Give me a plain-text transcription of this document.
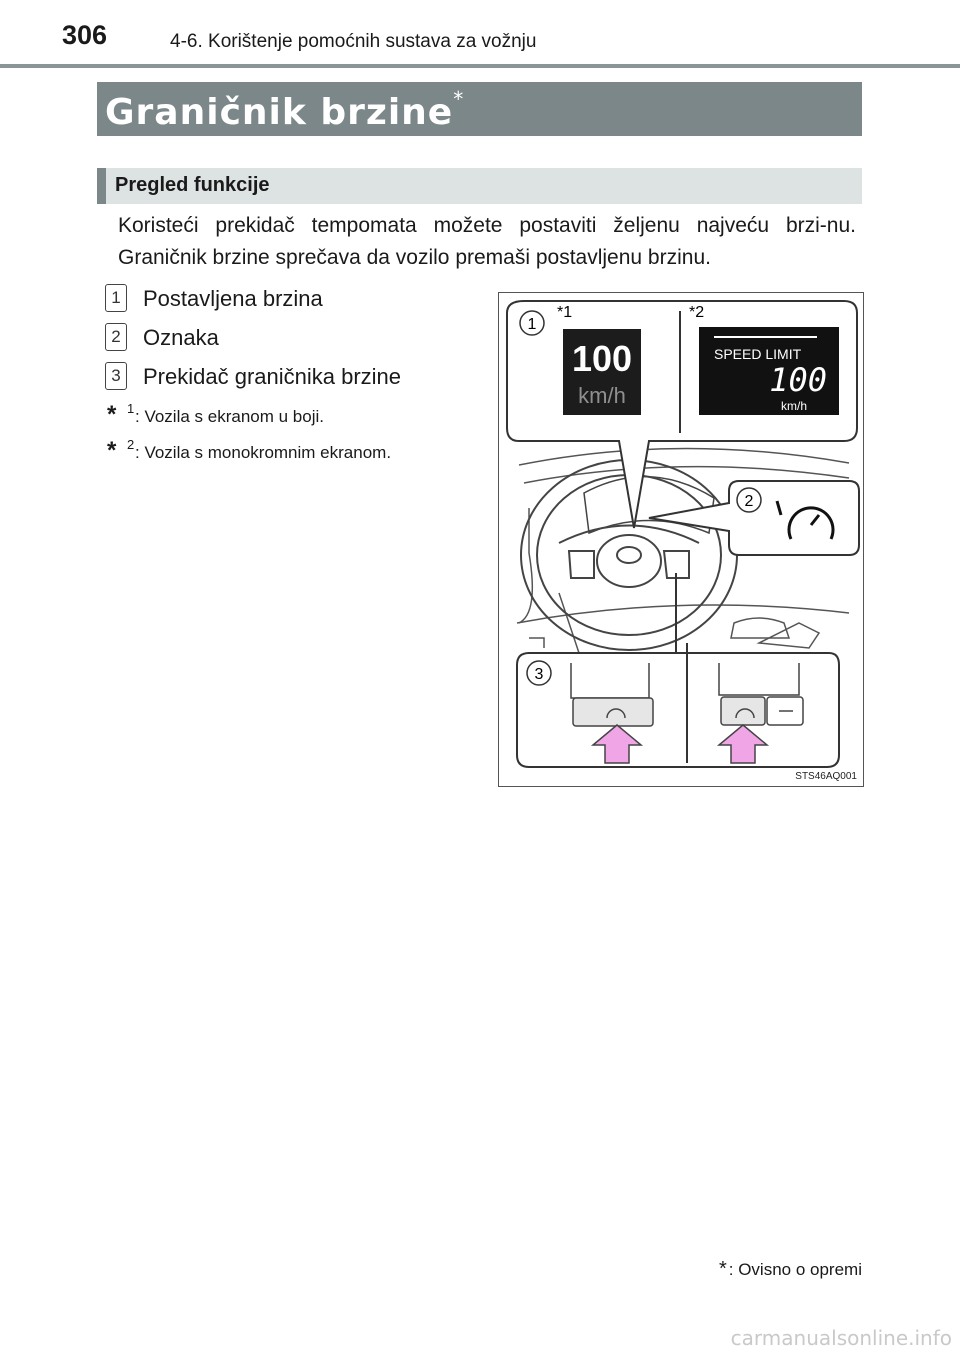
306	4-6. Korištenje pomoćnih sustava za vožnju
Graničnik brzine*
Pregled funkcije

Koristeći prekidač tempomata možete postaviti željenu najveću brzi-nu. Graničnik brzine sprečava da vozilo premaši postavljenu brzinu.

1 Postavljena brzina
2 Oznaka
3 Prekidač graničnika brzine
* 1 : Vozila s ekranom u boji.
* 2 : Vozila s monokromnim ekranom.
100
km/h
SPEED LIMIT
100
km/h
1
*1	*2
2
3
STS46AQ001
* : Ovisno o opremi
carmanualsonline.info
